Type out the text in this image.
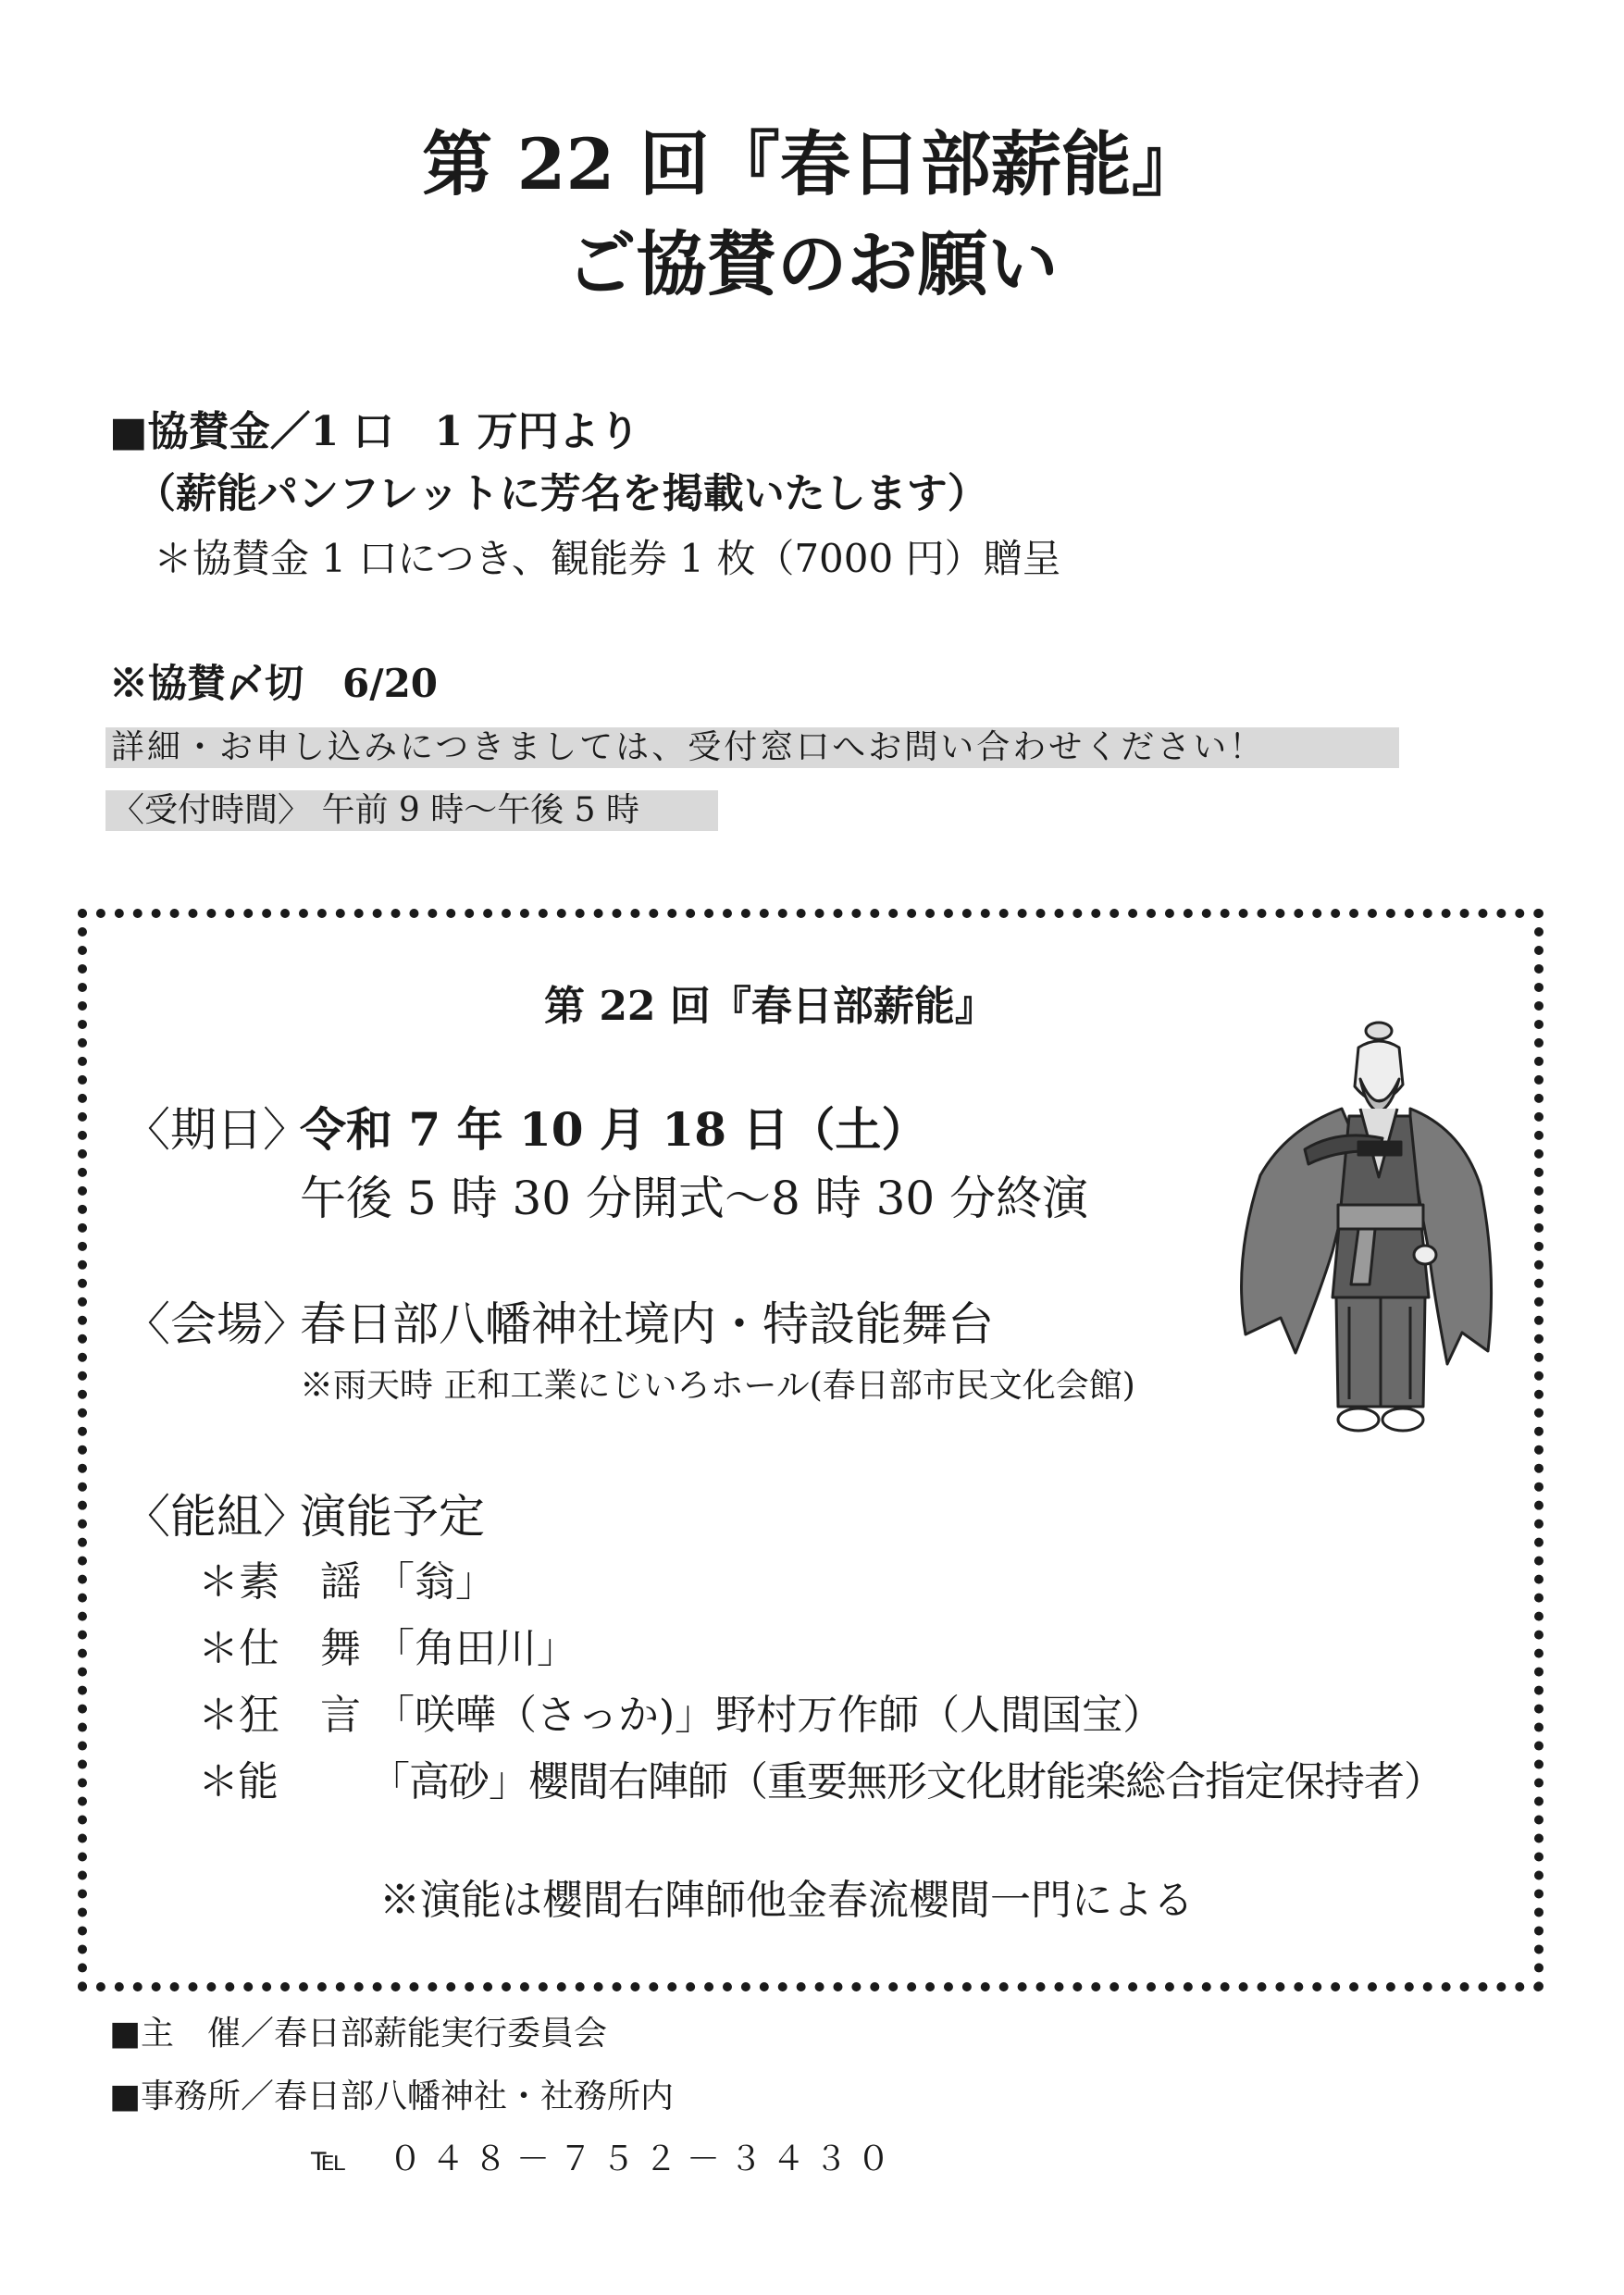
第 22 回『春日部薪能』
ご協賛のお願い
■協賛金／1 口　1 万円より
（薪能パンフレットに芳名を掲載いたします）
＊協賛金 1 口につき、観能券 1 枚（7000 円）贈呈
※協賛〆切　6/20
詳細・お申し込みにつきましては、受付窓口へお問い合わせください！
〈受付時間〉 午前 9 時〜午後 5 時
第 22 回『春日部薪能』
〈期日〉
令和 7 年 10 月 18 日（土）
午後 5 時 30 分開式〜8 時 30 分終演
〈会場〉
春日部八幡神社境内・特設能舞台
※雨天時 正和工業にじいろホール(春日部市民文化会館)
〈能組〉
演能予定
＊素　謡 「翁」
＊仕　舞 「角田川」
＊狂　言 「咲嘩（さっか)」野村万作師（人間国宝）
＊能　　 「高砂」櫻間右陣師（重要無形文化財能楽総合指定保持者）
※演能は櫻間右陣師他金春流櫻間一門による
■主　催／春日部薪能実行委員会
■事務所／春日部八幡神社・社務所内
℡ ０４８－７５２－３４３０
